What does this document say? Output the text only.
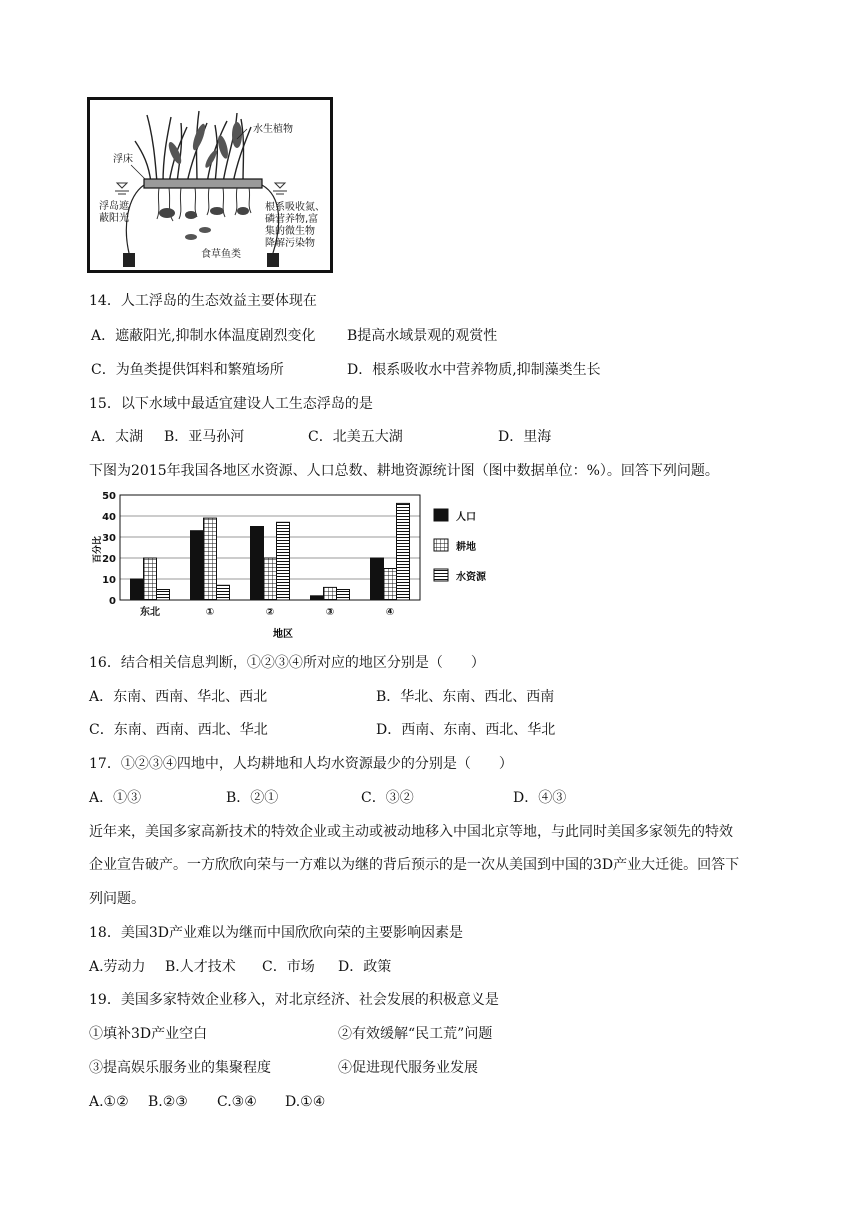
水生植物
浮床
浮岛遮
蔽阳光
根系吸收氮、
磷营养物,富
集的微生物
降解污染物
食草鱼类
14．人工浮岛的生态效益主要体现在
A．遮蔽阳光,抑制水体温度剧烈变化 B提高水域景观的观赏性
C．为鱼类提供饵料和繁殖场所	D．根系吸收水中营养物质,抑制藻类生长
15．以下水域中最适宜建设人工生态浮岛的是
A．太湖 B．亚马孙河	C．北美五大湖	D．里海
下图为2015年我国各地区水资源、人口总数、耕地资源统计图（图中数据单位：%）。回答下列问题。
百分比
0
10
20
30
40
50
东北	①	②	③	④
地区
人口
耕地
水资源
16．结合相关信息判断，①②③④所对应的地区分别是（　　）
A．东南、西南、华北、西北	B．华北、东南、西北、西南
C．东南、西南、西北、华北	D．西南、东南、西北、华北
17．①②③④四地中，人均耕地和人均水资源最少的分别是（　　）
A．①③	B．②①	C．③②	D．④③
近年来，美国多家高新技术的特效企业或主动或被动地移入中国北京等地，与此同时美国多家领先的特效
企业宣告破产。一方欣欣向荣与一方难以为继的背后预示的是一次从美国到中国的3D产业大迁徙。回答下
列问题。
18．美国3D产业难以为继而中国欣欣向荣的主要影响因素是
A.劳动力 B.人才技术 C．市场 D．政策
19．美国多家特效企业移入，对北京经济、社会发展的积极意义是
①填补3D产业空白	②有效缓解“民工荒”问题
③提高娱乐服务业的集聚程度	④促进现代服务业发展
A.①② B.②③ C.③④ D.①④
